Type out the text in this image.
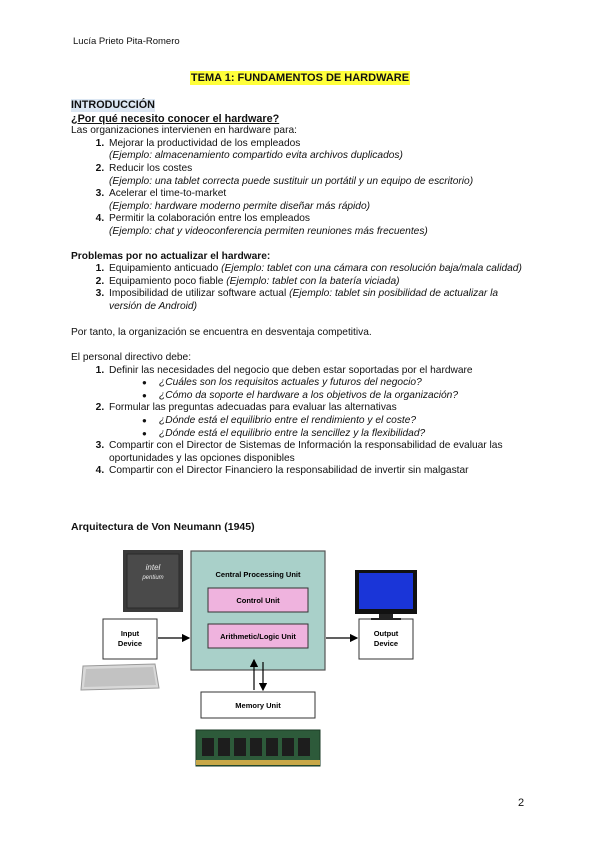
Lucía Prieto Pita-Romero
TEMA 1: FUNDAMENTOS DE HARDWARE
INTRODUCCIÓN
¿Por qué necesito conocer el hardware?
Las organizaciones intervienen en hardware para:
1. Mejorar la productividad de los empleados
(Ejemplo: almacenamiento compartido evita archivos duplicados)
2. Reducir los costes
(Ejemplo: una tablet correcta puede sustituir un portátil y un equipo de escritorio)
3. Acelerar el time-to-market
(Ejemplo: hardware moderno permite diseñar más rápido)
4. Permitir la colaboración entre los empleados
(Ejemplo: chat y videoconferencia permiten reuniones más frecuentes)
Problemas por no actualizar el hardware:
1. Equipamiento anticuado (Ejemplo: tablet con una cámara con resolución baja/mala calidad)
2. Equipamiento poco fiable (Ejemplo: tablet con la batería viciada)
3. Imposibilidad de utilizar software actual (Ejemplo: tablet sin posibilidad de actualizar la versión de Android)
Por tanto, la organización se encuentra en desventaja competitiva.
El personal directivo debe:
1. Definir las necesidades del negocio que deben estar soportadas por el hardware
● ¿Cuáles son los requisitos actuales y futuros del negocio?
● ¿Cómo da soporte el hardware a los objetivos de la organización?
2. Formular las preguntas adecuadas para evaluar las alternativas
● ¿Dónde está el equilibrio entre el rendimiento y el coste?
● ¿Dónde está el equilibrio entre la sencillez y la flexibilidad?
3. Compartir con el Director de Sistemas de Información la responsabilidad de evaluar las oportunidades y las opciones disponibles
4. Compartir con el Director Financiero la responsabilidad de invertir sin malgastar
Arquitectura de Von Neumann (1945)
intel
pentium	Central Processing Unit
Control Unit
Arithmetic/Logic Unit
Memory Unit
Input
Device
Output
Device
2
